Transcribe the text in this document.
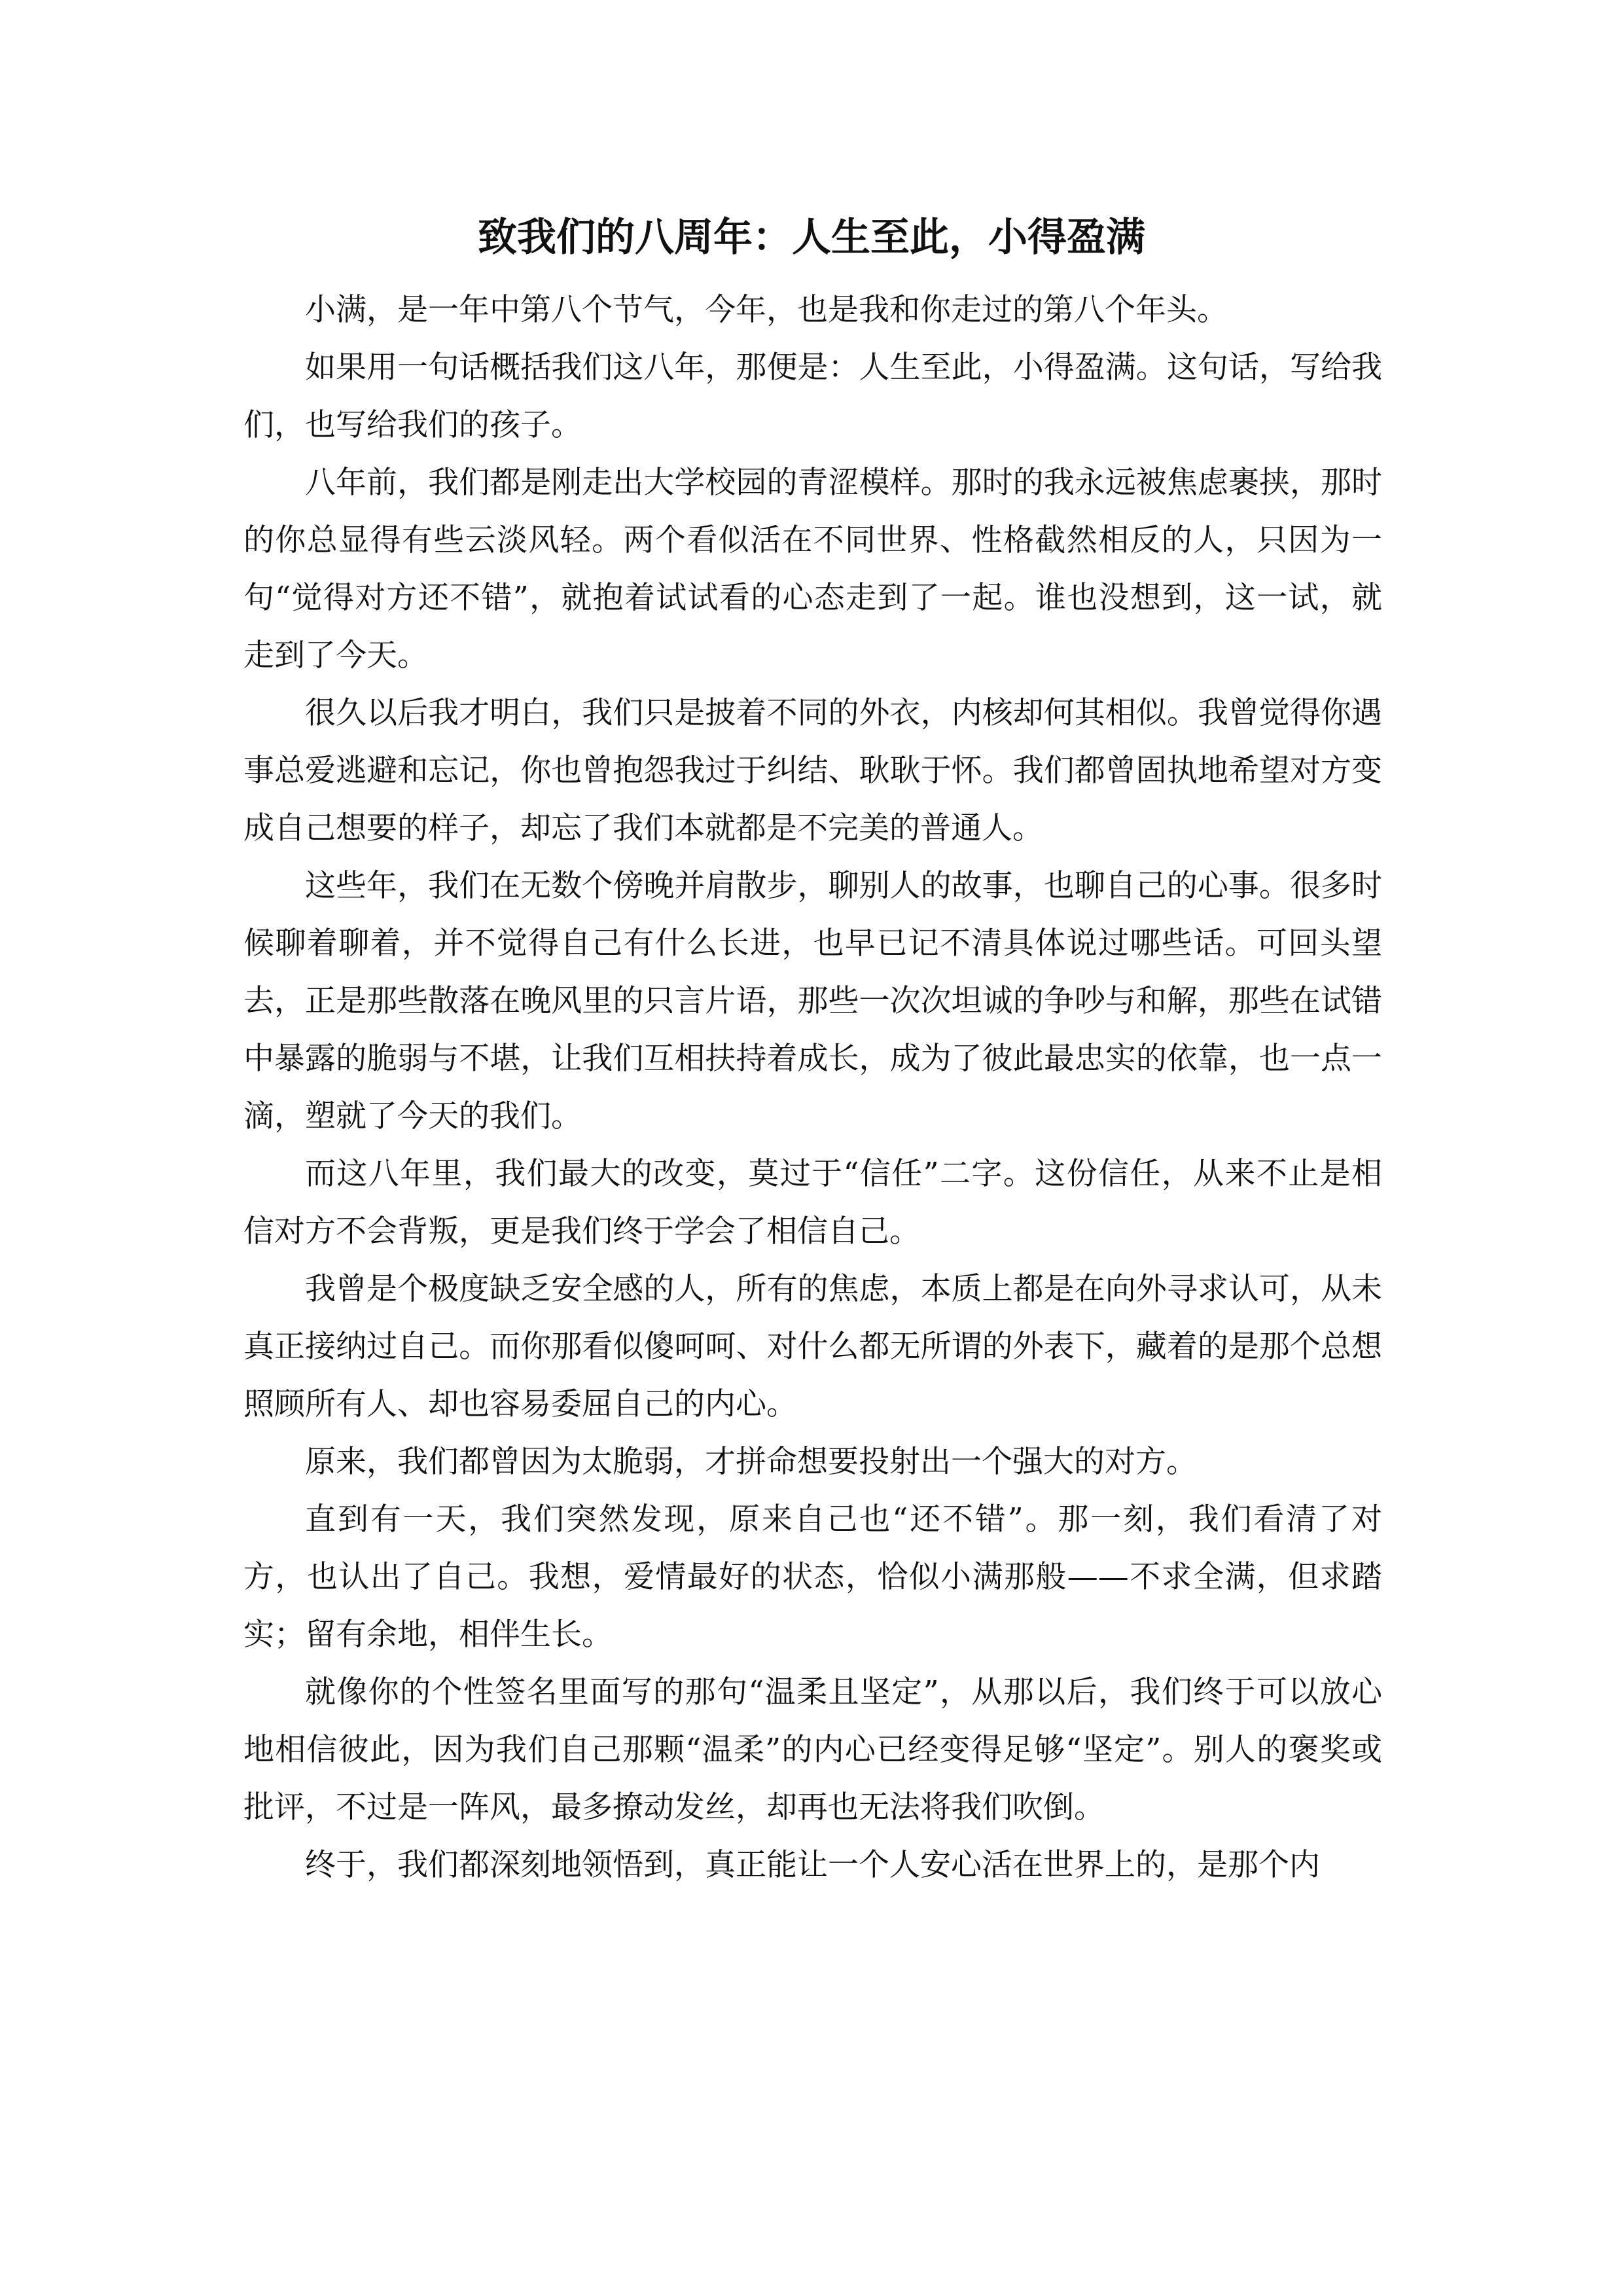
致我们的八周年：人生至此，小得盈满

小满，是一年中第八个节气，今年，也是我和你走过的第八个年头。

如果用一句话概括我们这八年，那便是：人生至此，小得盈满。这句话，写给我们，也写给我们的孩子。

八年前，我们都是刚走出大学校园的青涩模样。那时的我永远被焦虑裹挟，那时的你总显得有些云淡风轻。两个看似活在不同世界、性格截然相反的人，只因为一句“觉得对方还不错”，就抱着试试看的心态走到了一起。谁也没想到，这一试，就走到了今天。

很久以后我才明白，我们只是披着不同的外衣，内核却何其相似。我曾觉得你遇事总爱逃避和忘记，你也曾抱怨我过于纠结、耿耿于怀。我们都曾固执地希望对方变成自己想要的样子，却忘了我们本就都是不完美的普通人。

这些年，我们在无数个傍晚并肩散步，聊别人的故事，也聊自己的心事。很多时候聊着聊着，并不觉得自己有什么长进，也早已记不清具体说过哪些话。可回头望去，正是那些散落在晚风里的只言片语，那些一次次坦诚的争吵与和解，那些在试错中暴露的脆弱与不堪，让我们互相扶持着成长，成为了彼此最忠实的依靠，也一点一滴，塑就了今天的我们。

而这八年里，我们最大的改变，莫过于“信任”二字。这份信任，从来不止是相信对方不会背叛，更是我们终于学会了相信自己。

我曾是个极度缺乏安全感的人，所有的焦虑，本质上都是在向外寻求认可，从未真正接纳过自己。而你那看似傻呵呵、对什么都无所谓的外表下，藏着的是那个总想照顾所有人、却也容易委屈自己的内心。

原来，我们都曾因为太脆弱，才拼命想要投射出一个强大的对方。

直到有一天，我们突然发现，原来自己也“还不错”。那一刻，我们看清了对方，也认出了自己。我想，爱情最好的状态，恰似小满那般——不求全满，但求踏实；留有余地，相伴生长。

就像你的个性签名里面写的那句“温柔且坚定”，从那以后，我们终于可以放心地相信彼此，因为我们自己那颗“温柔”的内心已经变得足够“坚定”。别人的褒奖或批评，不过是一阵风，最多撩动发丝，却再也无法将我们吹倒。

终于，我们都深刻地领悟到，真正能让一个人安心活在世界上的，是那个内
